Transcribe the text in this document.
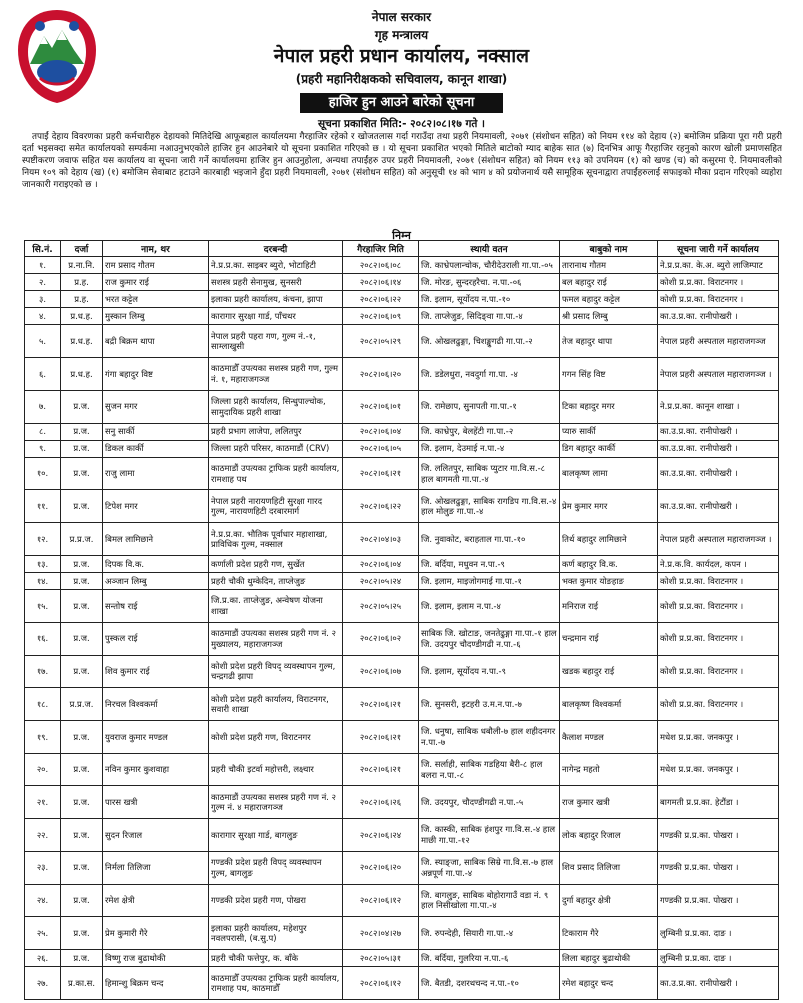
नेपाल सरकार
गृह मन्त्रालय
नेपाल प्रहरी प्रधान कार्यालय, नक्साल
(प्रहरी महानिरीक्षकको सचिवालय, कानून शाखा)
हाजिर हुन आउने बारेको सूचना
सूचना प्रकाशित मिति:- २०८२।०८।१७ गते ।

तपाईं देहाय विवरणका प्रहरी कर्मचारीहरु देहायको मितिदेखि आफूबहाल कार्यालयमा गैरहाजिर रहेको र खोजतलास गर्दा गराउँदा तथा प्रहरी नियमावली, २०७१ (संशोधन सहित) को नियम ११४ को देहाय (२) बमोजिम प्रक्रिया पूरा गरी प्रहरी दर्ता भइसक्दा समेत कार्यालयको सम्पर्कमा नआउनुभएकोले हाजिर हुन आउनेबारे यो सूचना प्रकाशित गरिएको छ । यो सूचना प्रकाशित भएको मितिले बाटोको म्याद बाहेक सात (७) दिनभित्र आफू गैरहाजिर रहनुको कारण खोली प्रमाणसहित स्पष्टीकरण जवाफ सहित यस कार्यालय वा सूचना जारी गर्ने कार्यालयमा हाजिर हुन आउनुहोला, अन्यथा तपाईंहरु उपर प्रहरी नियमावली, २०७१ (संशोधन सहित) को नियम ११३ को उपनियम (१) को खण्ड (च) को कसुरमा ऐ. नियमावलीको नियम १०९ को देहाय (ख) (१) बमोजिम सेवाबाट हटाउने कारबाही भइजाने हुँदा प्रहरी नियमावली, २०७१ (संशोधन सहित) को अनुसूची १४ को भाग ४ को प्रयोजनार्थ यसै सामूहिक सूचनाद्वारा तपाईंहरुलाई सफाइको मौका प्रदान गरिएको व्यहोरा जानकारी गराइएको छ ।

निम्न
सि.नं.	दर्जा	नाम, थर	दरबन्दी	गैरहाजिर मिति	स्थायी वतन	बाबुको नाम	सूचना जारी गर्ने कार्यालय
१.	प्र.ना.नि.	राम प्रसाद गौतम	ने.प्र.प्र.का. साइबर ब्युरो, भोटाहिटी	२०८२।०६।०८	जि. काभ्रेपलान्चोक, चौरीदेउराली गा.पा.-०५	तारानाथ गौतम	ने.प्र.प्र.का. के.अ. ब्युरो लाजिम्पाट
२.	प्र.ह.	राज कुमार राई	सशस्त्र प्रहरी सेनामुख, सुनसरी	२०८२।०६।१४	जि. मोरङ, सुन्दरहरैचा. न.पा.-०६	बल बहादुर राई	कोशी प्र.प्र.का. विराटनगर ।
३.	प्र.ह.	भरत कट्टेल	इलाका प्रहरी कार्यालय, कंचना, झापा	२०८२।०६।२२	जि. इलाम, सूर्योदय न.पा.-१०	फमल बहादुर कट्टेल	कोशी प्र.प्र.का. विराटनगर ।
४.	प्र.ध.ह.	मुस्कान लिम्बु	कारागार सुरक्षा गार्ड, पाँचथर	२०८२।०६।०९	जि. ताप्लेजुङ, सिदिङ्वा गा.पा.-४	श्री प्रसाद लिम्बु	का.उ.प्र.का. रानीपोखरी ।
५.	प्र.ध.ह.	बद्री बिक्रम थापा	नेपाल प्रहरी पहरा गण, गुल्म नं.-१, साम्लाखुसी	२०८२।०५।२९	जि. ओखलढुङ्गा, चिशङ्खुगढी गा.पा.-२	तेज बहादुर थापा	नेपाल प्रहरी अस्पताल महाराजगञ्ज
६.	प्र.ध.ह.	गंगा बहादुर विष्ट	काठमाडौँ उपत्यका सशस्त्र प्रहरी गण, गुल्म नं. १, महाराजगञ्ज	२०८२।०६।२०	जि. डडेलधुरा, नवदुर्गा गा.पा. -४	गगन सिंह विष्ट	नेपाल प्रहरी अस्पताल महाराजगञ्ज ।
७.	प्र.ज.	सुजन मगर	जिल्ला प्रहरी कार्यालय, सिन्धुपाल्चोक, सामुदायिक प्रहरी शाखा	२०८२।०६।०१	जि. रामेछाप, सुनापती गा.पा.-१	टिका बहादुर मगर	ने.प्र.प्र.का. कानून शाखा ।
८.	प्र.ज.	सनु सार्की	प्रहरी प्रभाग लाजेपा, ललितपुर	२०८२।०६।०४	जि. काभ्रेपुर, बेलहेंटी गा.पा.-२	प्यारु सार्की	का.उ.प्र.का. रानीपोखरी ।
९.	प्र.ज.	डिकल कार्की	जिल्ला प्रहरी परिसर, काठमाडौं (CRV)	२०८२।०६।०५	जि. इलाम, देउमाई न.पा.-४	डिग बहादुर कार्की	का.उ.प्र.का. रानीपोखरी ।
१०.	प्र.ज.	राजु लामा	काठमाडौं उपत्यका ट्राफिक प्रहरी कार्यालय, रामशाह पथ	२०८२।०६।२१	जि. ललितपुर, साबिक प्युटार गा.वि.स.-८ हाल बागमती गा.पा.-४	बालकृष्ण लामा	का.उ.प्र.का. रानीपोखरी ।
११.	प्र.ज.	टिपेश मगर	नेपाल प्रहरी नारायणहिटी सुरक्षा गारद गुल्म, नारायणहिटी दरबारमार्ग	२०८२।०६।२२	जि. ओखलढुङ्गा, साबिक रागडिप गा.वि.स.-४ हाल मोलुङ गा.पा.-४	प्रेम कुमार मगर	का.उ.प्र.का. रानीपोखरी ।
१२.	प्र.प्र.ज.	बिमल लामिछाने	ने.प्र.प्र.का. भौतिक पूर्वाधार महाशाखा, प्राविधिक गुल्म, नक्साल	२०८२।०४।०३	जि. नुवाकोट, बराहताल गा.पा.-१०	तिर्थ बहादुर लामिछाने	नेपाल प्रहरी अस्पताल महाराजगञ्ज ।
१३.	प्र.ज.	दिपक वि.क.	कर्णाली प्रदेश प्रहरी गण, सुर्खेत	२०८२।०६।०४	जि. बर्दिया, मधुवन न.पा.-९	कर्ण बहादुर वि.क.	ने.प्र.क.वि. कार्यदल, कपन ।
१४.	प्र.ज.	अञ्जान लिम्बु	प्रहरी चौकी थुम्केदिन, ताप्लेजुङ	२०८२।०५।२४	जि. इलाम, माइजोगमाई गा.पा.-१	भक्त कुमार योङहाङ	कोशी प्र.प्र.का. विराटनगर ।
१५.	प्र.ज.	सन्तोष राई	जि.प्र.का. ताप्लेजुङ, अन्वेषण योजना शाखा	२०८२।०५।२५	जि. इलाम, इलाम न.पा.-४	मनिराज राई	कोशी प्र.प्र.का. विराटनगर ।
१६.	प्र.ज.	पुस्कल राई	काठमाडौं उपत्यका सशस्त्र प्रहरी गण नं. २ मुख्यालय, महाराजगञ्ज	२०८२।०६।०२	साबिक जि. खोटाङ, जनतेढुङ्गा गा.पा.-१ हाल जि. उदयपुर चौदण्डीगढी न.पा.-६	चन्द्रमान राई	कोशी प्र.प्र.का. विराटनगर ।
१७.	प्र.ज.	शिव कुमार राई	कोशी प्रदेश प्रहरी विपद् व्यवस्थापन गुल्म, चन्द्रगढी झापा	२०८२।०६।०७	जि. इलाम, सूर्योदय न.पा.-९	खडक बहादुर राई	कोशी प्र.प्र.का. विराटनगर ।
१८.	प्र.प्र.ज.	निरचल विश्वकर्मा	कोशी प्रदेश प्रहरी कार्यालय, विराटनगर, सवारी शाखा	२०८२।०६।२१	जि. सुनसरी, इटहरी उ.म.न.पा.-७	बालकृष्ण विश्वकर्मा	कोशी प्र.प्र.का. विराटनगर ।
१९.	प्र.ज.	युवराज कुमार मण्डल	कोशी प्रदेश प्रहरी गण, विराटनगर	२०८२।०६।२१	जि. धनुषा, साबिक धबौली-७ हाल शहीदनगर न.पा.-७	कैलाश मण्डल	मधेश प्र.प्र.का. जनकपुर ।
२०.	प्र.ज.	नविन कुमार कुशवाहा	प्रहरी चौकी इटर्वा महोत्तरी, लक्ष्चार	२०८२।०६।२१	जि. सर्लाही, साबिक गडहिया बैरी-८ हाल बलरा न.पा.-८	नागेन्द्र महतो	मधेश प्र.प्र.का. जनकपुर ।
२१.	प्र.ज.	पारस खत्री	काठमाडौं उपत्यका सशस्त्र प्रहरी गण नं. २ गुल्म नं. ४ महाराजगञ्ज	२०८२।०६।२६	जि. उदयपुर, चौदण्डीगढी न.पा.-५	राज कुमार खत्री	बागमती प्र.प्र.का. हेटौंडा ।
२२.	प्र.ज.	सुदन रिजाल	कारागार सुरक्षा गार्ड, बागलुङ	२०८२।०६।२४	जि. कास्की, साबिक हंशपुर गा.वि.स.-४ हाल माछी गा.पा.-१२	लोक बहादुर रिजाल	गण्डकी प्र.प्र.का. पोखरा ।
२३.	प्र.ज.	निर्मला तिलिजा	गण्डकी प्रदेश प्रहरी विपद् व्यवस्थापन गुल्म, बागलुङ	२०८२।०६।२०	जि. स्याङ्जा, साबिक सिम्रे गा.वि.स.-७ हाल अन्नपूर्ण गा.पा.-४	शिव प्रसाद तिलिजा	गण्डकी प्र.प्र.का. पोखरा ।
२४.	प्र.ज.	रमेश क्षेत्री	गण्डकी प्रदेश प्रहरी गण, पोखरा	२०८२।०६।१२	जि. बागलुङ, साबिक बोहोरागाउँ वडा नं. ९ हाल निसीखोला गा.पा.-४	दुर्गा बहादुर क्षेत्री	गण्डकी प्र.प्र.का. पोखरा ।
२५.	प्र.ज.	प्रेम कुमारी गैरे	इलाका प्रहरी कार्यालय, महेशपुर नवलपरासी, (ब.सु.प)	२०८२।०४।२७	जि. रुपन्देही, सियारी गा.पा.-४	टिकाराम गैरे	लुम्बिनी प्र.प्र.का. दाङ ।
२६.	प्र.ज.	विष्णु राज बुढाथोकी	प्रहरी चौकी फत्तेपुर, क. बाँके	२०८२।०५।३१	जि. बर्दिया, गुलरिया न.पा.-६	लिला बहादुर बुढाथोकी	लुम्बिनी प्र.प्र.का. दाङ ।
२७.	प्र.का.स.	हिमान्शु बिक्रम चन्द	काठमाडौँ उपत्यका ट्राफिक प्रहरी कार्यालय, रामशाह पथ, काठमाडौँ	२०८२।०६।१२	जि. बैतडी, दशरथचन्द न.पा.-१०	रमेश बहादुर चन्द	का.उ.प्र.का. रानीपोखरी ।
